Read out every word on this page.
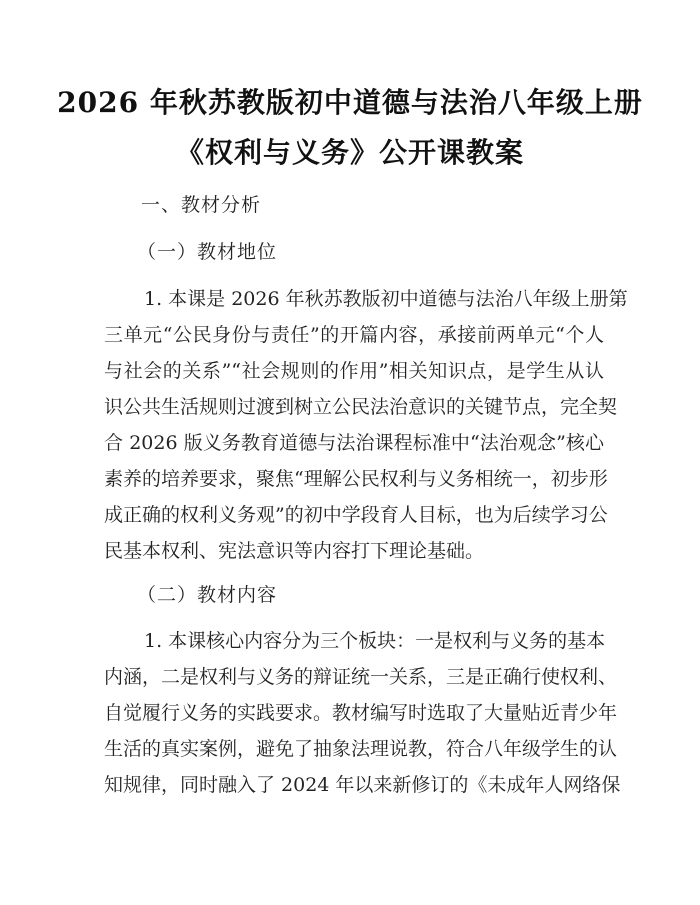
2026 年秋苏教版初中道德与法治八年级上册
《权利与义务》公开课教案
一、教材分析
（一）教材地位
1. 本课是 2026 年秋苏教版初中道德与法治八年级上册第
三单元“公民身份与责任”的开篇内容，承接前两单元“个人
与社会的关系”“社会规则的作用”相关知识点，是学生从认
识公共生活规则过渡到树立公民法治意识的关键节点，完全契
合 2026 版义务教育道德与法治课程标准中“法治观念”核心
素养的培养要求，聚焦“理解公民权利与义务相统一，初步形
成正确的权利义务观”的初中学段育人目标，也为后续学习公
民基本权利、宪法意识等内容打下理论基础。
（二）教材内容
1. 本课核心内容分为三个板块：一是权利与义务的基本
内涵，二是权利与义务的辩证统一关系，三是正确行使权利、
自觉履行义务的实践要求。教材编写时选取了大量贴近青少年
生活的真实案例，避免了抽象法理说教，符合八年级学生的认
知规律，同时融入了 2024 年以来新修订的《未成年人网络保
